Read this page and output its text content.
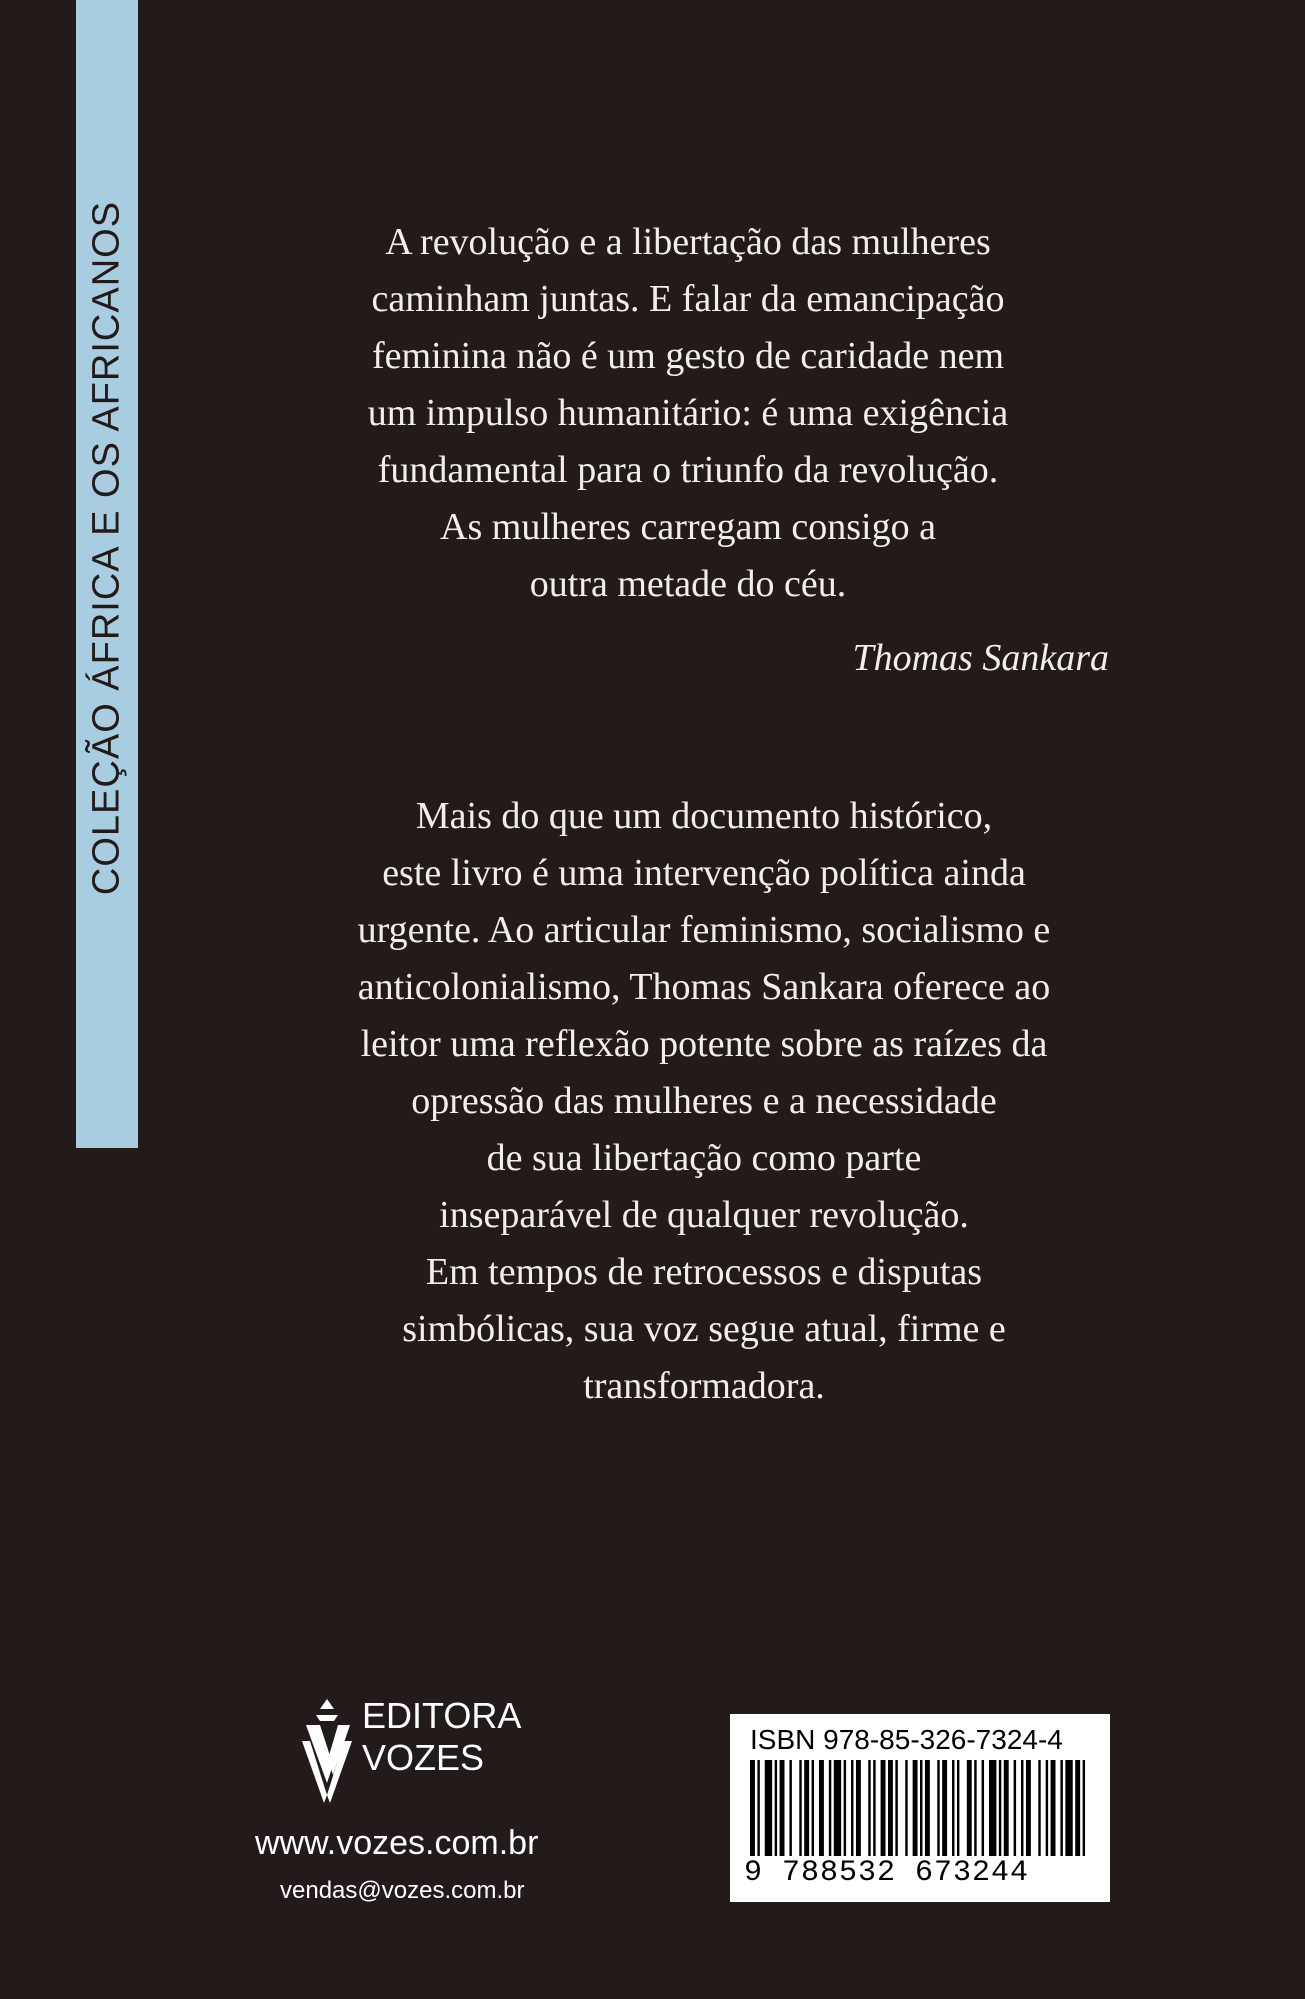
COLEÇÃO ÁFRICA E OS AFRICANOS	A revolução e a libertação das mulheres
caminham juntas. E falar da emancipação
feminina não é um gesto de caridade nem
um impulso humanitário: é uma exigência
fundamental para o triunfo da revolução.
As mulheres carregam consigo a
outra metade do céu.
Thomas Sankara
Mais do que um documento histórico,
este livro é uma intervenção política ainda
urgente. Ao articular feminismo, socialismo e
anticolonialismo, Thomas Sankara oferece ao
leitor uma reflexão potente sobre as raízes da
opressão das mulheres e a necessidade
de sua libertação como parte
inseparável de qualquer revolução.
Em tempos de retrocessos e disputas
simbólicas, sua voz segue atual, firme e
transformadora.
EDITORA
VOZES
www.vozes.com.br
vendas@vozes.com.br
ISBN 978-85-326-7324-4
9 788532 673244
